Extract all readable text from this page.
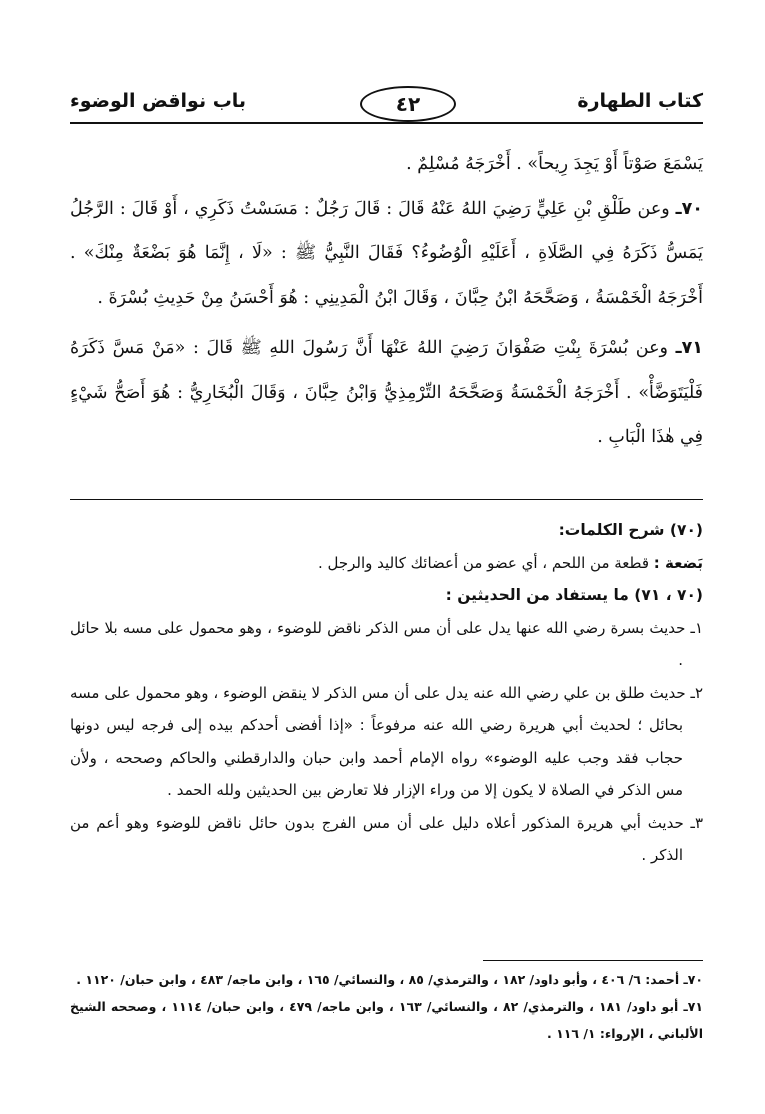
كتاب الطهارة
٤٢
باب نواقض الوضوء

يَسْمَعَ صَوْتاً أَوْ يَجِدَ رِيحاً» . أَخْرَجَهُ مُسْلِمٌ .

٧٠ـ وعن طَلْقِ بْنِ عَلِيٍّ رَضِيَ اللهُ عَنْهُ قَالَ : قَالَ رَجُلٌ : مَسَسْتُ ذَكَرِي ، أَوْ قَالَ : الرَّجُلُ يَمَسُّ ذَكَرَهُ فِي الصَّلَاةِ ، أَعَلَيْهِ الْوُضُوءُ؟ فَقَالَ النَّبِيُّ ﷺ : «لَا ، إِنَّمَا هُوَ بَضْعَةٌ مِنْكَ» . أَخْرَجَهُ الْخَمْسَةُ ، وَصَحَّحَهُ ابْنُ حِبَّانَ ، وَقَالَ ابْنُ الْمَدِينِي : هُوَ أَحْسَنُ مِنْ حَدِيثِ بُسْرَةَ .

٧١ـ وعن بُسْرَةَ بِنْتِ صَفْوَانَ رَضِيَ اللهُ عَنْهَا أَنَّ رَسُولَ اللهِ ﷺ قَالَ : «مَنْ مَسَّ ذَكَرَهُ فَلْيَتَوَضَّأْ» . أَخْرَجَهُ الْخَمْسَةُ وَصَحَّحَهُ التِّرْمِذِيُّ وَابْنُ حِبَّانَ ، وَقَالَ الْبُخَارِيُّ : هُوَ أَصَحُّ شَيْءٍ فِي هٰذَا الْبَابِ .

(٧٠) شرح الكلمات:

بَضعة : قطعة من اللحم ، أي عضو من أعضائك كاليد والرجل .

(٧٠ ، ٧١) ما يستفاد من الحديثين :

١ـ حديث بسرة رضي الله عنها يدل على أن مس الذكر ناقض للوضوء ، وهو محمول على مسه بلا حائل .

٢ـ حديث طلق بن علي رضي الله عنه يدل على أن مس الذكر لا ينقض الوضوء ، وهو محمول على مسه بحائل ؛ لحديث أبي هريرة رضي الله عنه مرفوعاً : «إذا أفضى أحدكم بيده إلى فرجه ليس دونها حجاب فقد وجب عليه الوضوء» رواه الإمام أحمد وابن حبان والدارقطني والحاكم وصححه ، ولأن مس الذكر في الصلاة لا يكون إلا من وراء الإزار فلا تعارض بين الحديثين ولله الحمد .

٣ـ حديث أبي هريرة المذكور أعلاه دليل على أن مس الفرج بدون حائل ناقض للوضوء وهو أعم من الذكر .

٧٠ـ أحمد: ٦/ ٤٠٦ ، وأبو داود/ ١٨٢ ، والترمذي/ ٨٥ ، والنسائي/ ١٦٥ ، وابن ماجه/ ٤٨٣ ، وابن حبان/ ١١٢٠ .

٧١ـ أبو داود/ ١٨١ ، والترمذي/ ٨٢ ، والنسائي/ ١٦٣ ، وابن ماجه/ ٤٧٩ ، وابن حبان/ ١١١٤ ، وصححه الشيخ الألباني ، الإرواء: ١/ ١١٦ .
